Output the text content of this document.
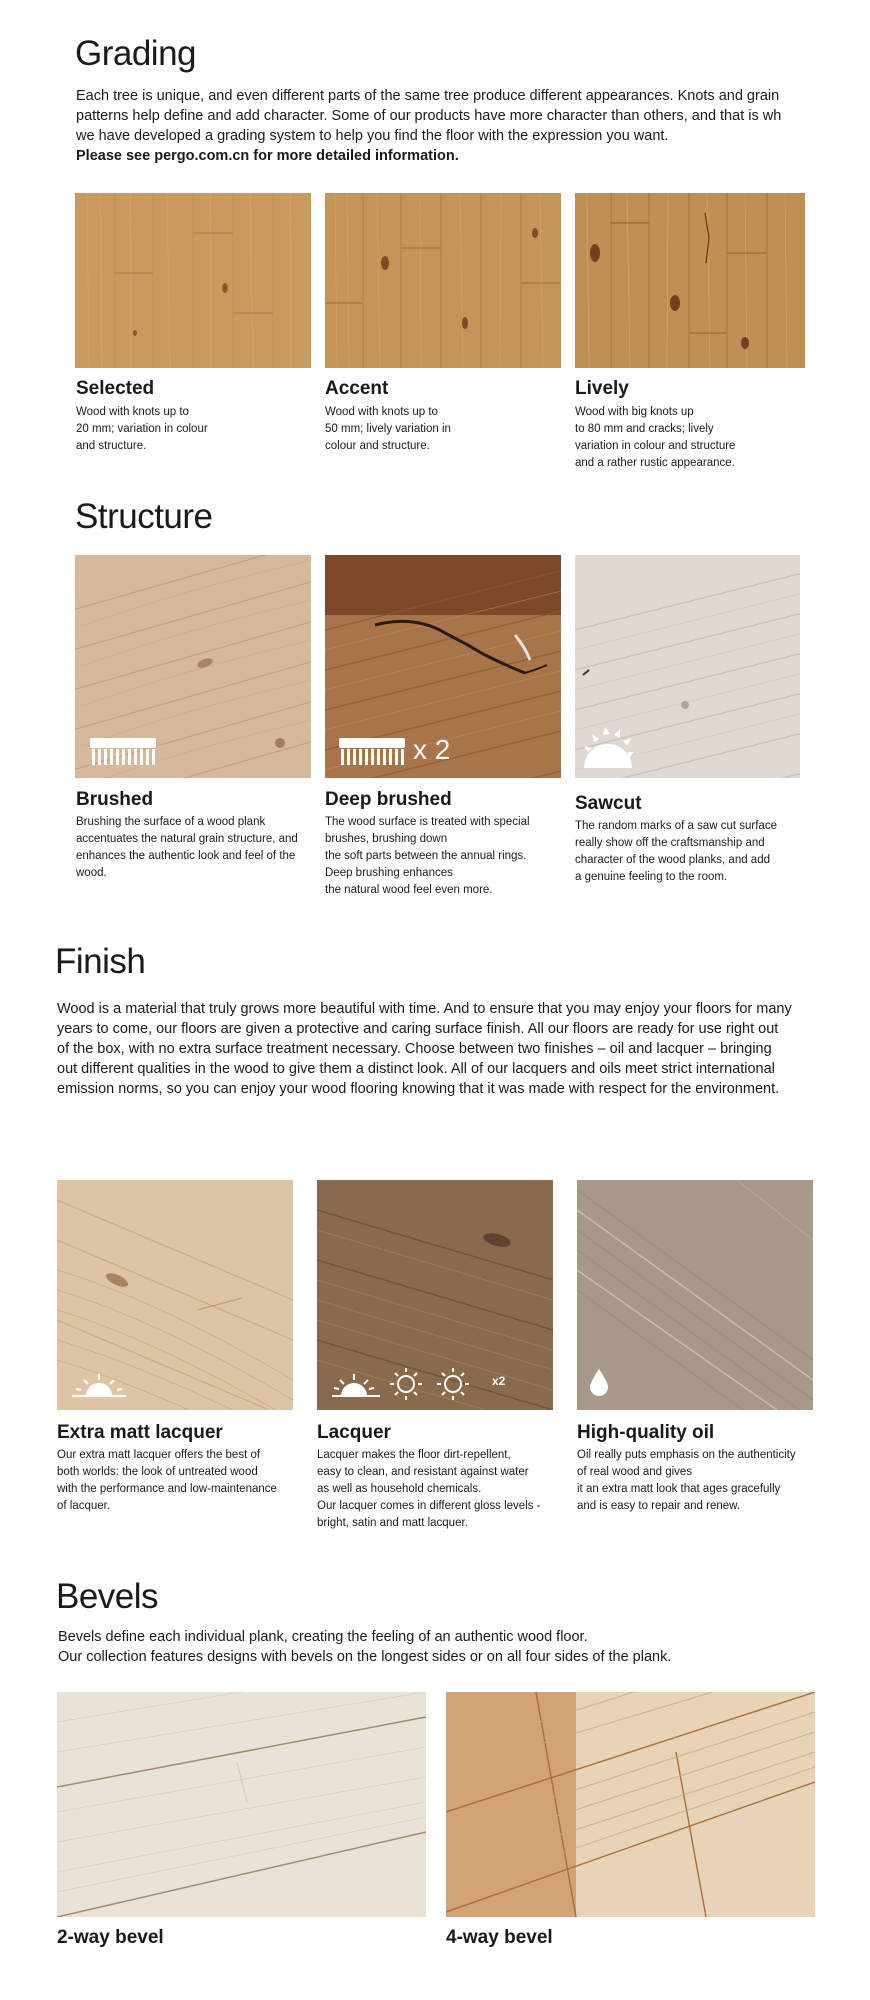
Grading

Each tree is unique, and even different parts of the same tree produce different appearances. Knots and grain
patterns help define and add character. Some of our products have more character than others, and that is wh
we have developed a grading system to help you find the floor with the expression you want.
Please see pergo.com.cn for more detailed information.

Selected

Wood with knots up to
20 mm; variation in colour
and structure.

Accent

Wood with knots up to
50 mm; lively variation in
colour and structure.

Lively

Wood with big knots up
to 80 mm and cracks; lively
variation in colour and structure
and a rather rustic appearance.

Structure
x 2
Brushed

Brushing the surface of a wood plank
accentuates the natural grain structure, and
enhances the authentic look and feel of the
wood.

Deep brushed

The wood surface is treated with special
brushes, brushing down
the soft parts between the annual rings.
Deep brushing enhances
the natural wood feel even more.

Sawcut

The random marks of a saw cut surface
really show off the craftsmanship and
character of the wood planks, and add
a genuine feeling to the room.

Finish

Wood is a material that truly grows more beautiful with time. And to ensure that you may enjoy your floors for many
years to come, our floors are given a protective and caring surface finish. All our floors are ready for use right out
of the box, with no extra surface treatment necessary. Choose between two finishes – oil and lacquer – bringing
out different qualities in the wood to give them a distinct look. All of our lacquers and oils meet strict international
emission norms, so you can enjoy your wood flooring knowing that it was made with respect for the environment.

x2
Extra matt lacquer

Our extra matt lacquer offers the best of
both worlds: the look of untreated wood
with the performance and low-maintenance
of lacquer.

Lacquer

Lacquer makes the floor dirt-repellent,
easy to clean, and resistant against water
as well as household chemicals.
Our lacquer comes in different gloss levels -
bright, satin and matt lacquer.

High-quality oil

Oil really puts emphasis on the authenticity
of real wood and gives
it an extra matt look that ages gracefully
and is easy to repair and renew.

Bevels

Bevels define each individual plank, creating the feeling of an authentic wood floor.
Our collection features designs with bevels on the longest sides or on all four sides of the plank.

2-way bevel	4-way bevel
